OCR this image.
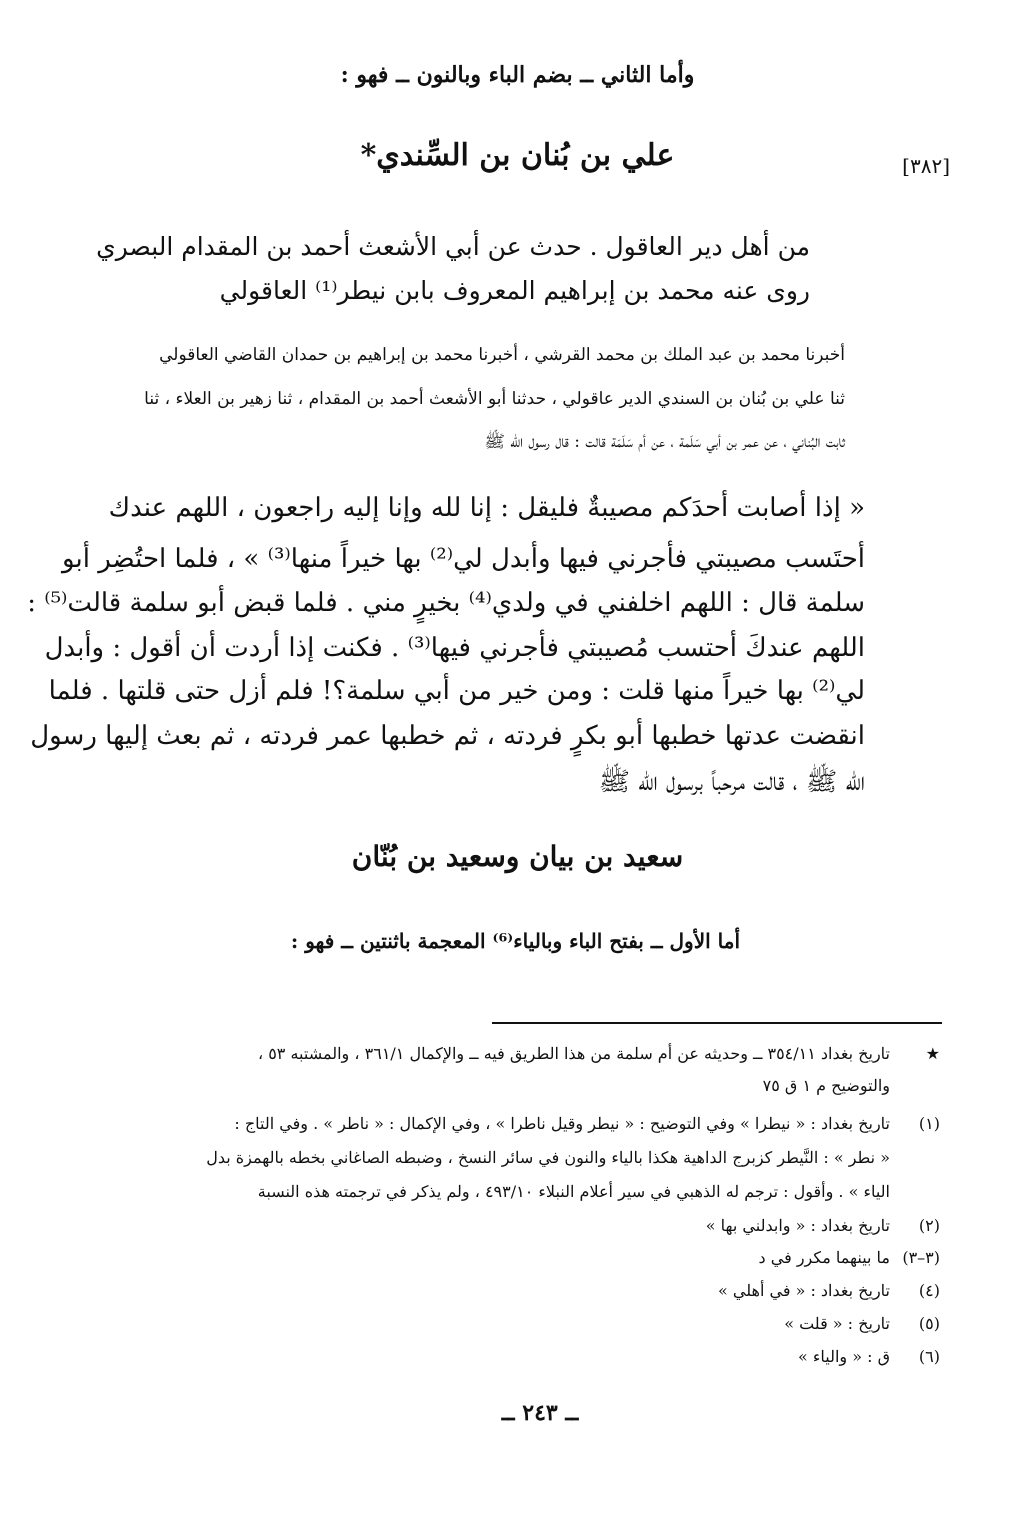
وأما الثاني ــ بضم الباء وبالنون ــ فهو :
[٣٨٢]
علي بن بُنان بن السِّندي*
من أهل دير العاقول . حدث عن أبي الأشعث أحمد بن المقدام البصري
روى عنه محمد بن إبراهيم المعروف بابن نيطر⁽¹⁾ العاقولي
أخبرنا محمد بن عبد الملك بن محمد القرشي ، أخبرنا محمد بن إبراهيم بن حمدان القاضي العاقولي
ثنا علي بن بُنان بن السندي الدير عاقولي ، حدثنا أبو الأشعث أحمد بن المقدام ، ثنا زهير بن العلاء ، ثنا
ثابت البُناني ، عن عمر بن أبي سَلَمة ، عن أم سَلَمَة قالت : قال رسول الله ﷺ
« إذا أصابت أحدَكم مصيبةٌ فليقل : إنا لله وإنا إليه راجعون ، اللهم عندك
أحتَسب مصيبتي فأجرني فيها وأبدل لي⁽²⁾ بها خيراً منها⁽³⁾ » ، فلما احتُضِر أبو
سلمة قال : اللهم اخلفني في ولدي⁽⁴⁾ بخيرٍ مني . فلما قبض أبو سلمة قالت⁽⁵⁾ :
اللهم عندكَ أحتسب مُصيبتي فأجرني فيها⁽³⁾ . فكنت إذا أردت أن أقول : وأبدل
لي⁽²⁾ بها خيراً منها قلت : ومن خير من أبي سلمة؟! فلم أزل حتى قلتها . فلما
انقضت عدتها خطبها أبو بكرٍ فردته ، ثم خطبها عمر فردته ، ثم بعث إليها رسول
الله ﷺ ، قالت مرحباً برسول الله ﷺ
سعيد بن بيان وسعيد بن بُنّان
أما الأول ــ بفتح الباء وبالياء⁽⁶⁾ المعجمة باثنتين ــ فهو :
★
تاريخ بغداد ٣٥٤/١١ ــ وحديثه عن أم سلمة من هذا الطريق فيه ــ والإكمال ٣٦١/١ ، والمشتبه ٥٣ ،
والتوضيح م ١ ق ٧٥
(١)
تاريخ بغداد : « نيطرا » وفي التوضيح : « نيطر وقيل ناطرا » ، وفي الإكمال : « ناطر » . وفي التاج :
« نطر » : النَّيطر كزبرج الداهية هكذا بالياء والنون في سائر النسخ ، وضبطه الصاغاني بخطه بالهمزة بدل
الياء » . وأقول : ترجم له الذهبي في سير أعلام النبلاء ٤٩٣/١٠ ، ولم يذكر في ترجمته هذه النسبة
(٢)
تاريخ بغداد : « وابدلني بها »
(٣–٣)
ما بينهما مكرر في د
(٤)
تاريخ بغداد : « في أهلي »
(٥)
تاريخ : « قلت »
(٦)
ق : « والياء »
ــ ٢٤٣ ــ
